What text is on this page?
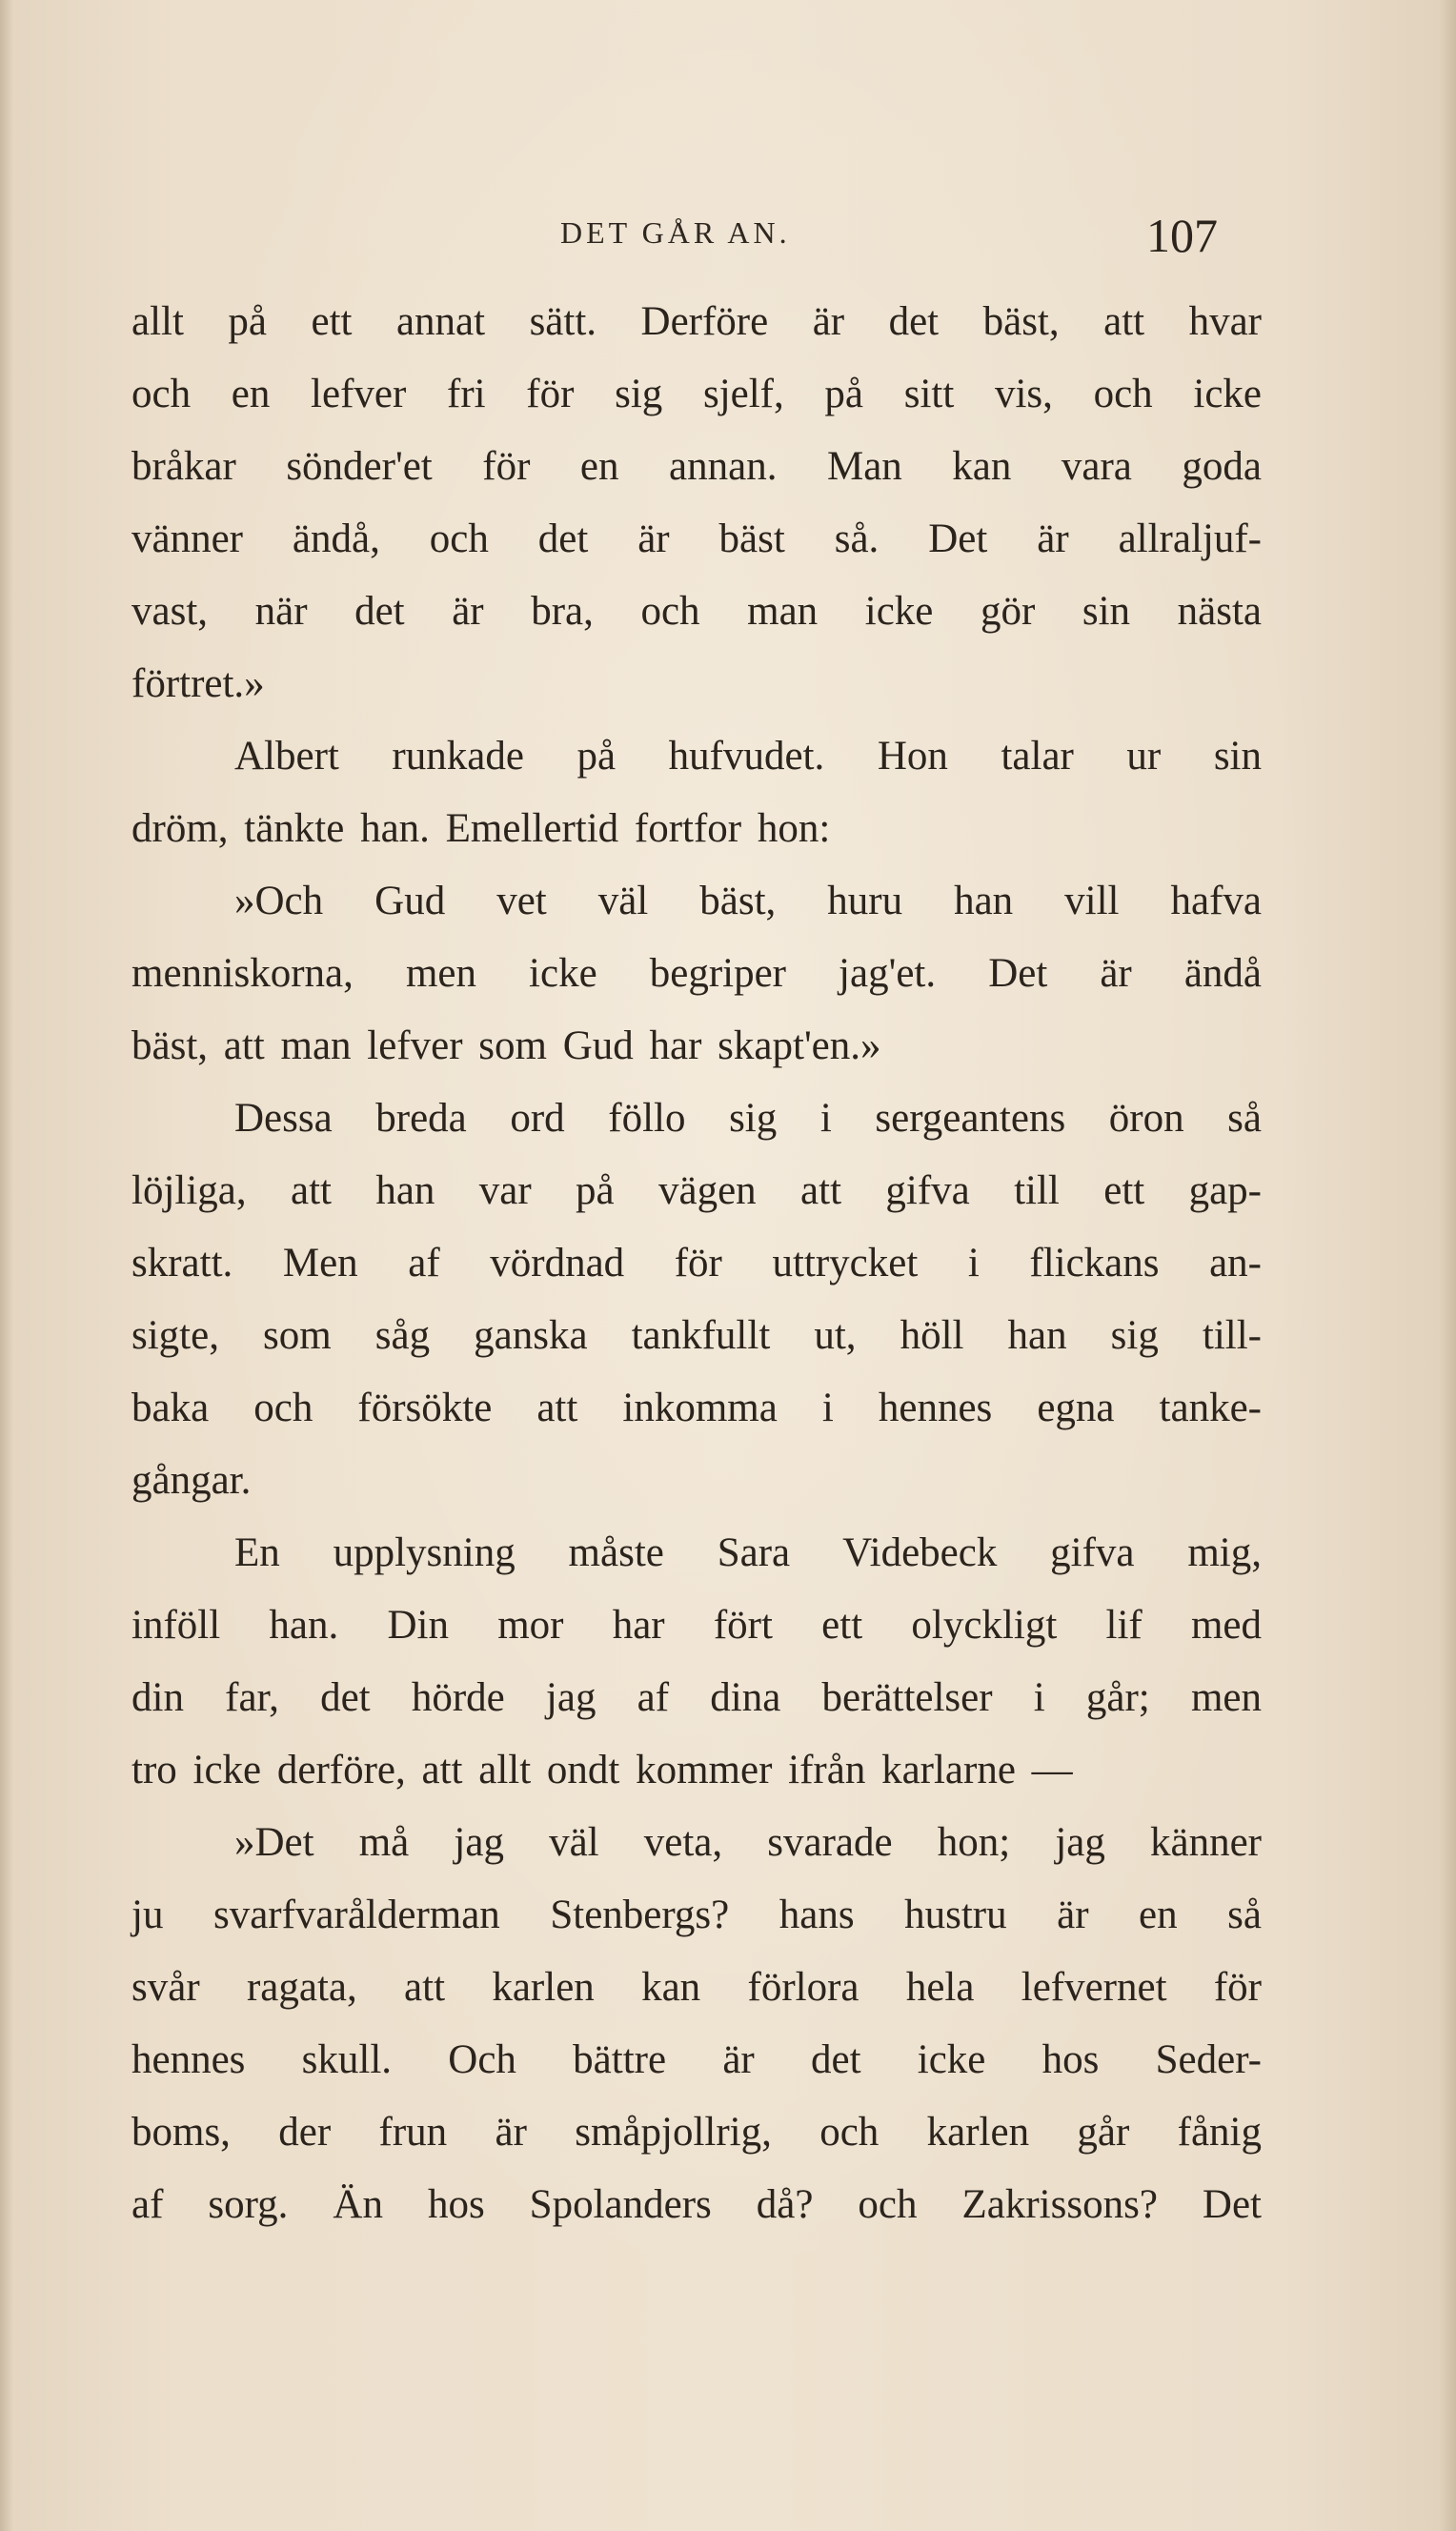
DET GÅR AN.	107
allt på ett annat sätt. Derföre är det bäst, att hvar
och en lefver fri för sig sjelf, på sitt vis, och icke
bråkar sönder'et för en annan. Man kan vara goda
vänner ändå, och det är bäst så. Det är allraljuf-
vast, när det är bra, och man icke gör sin nästa
förtret.»
Albert runkade på hufvudet. Hon talar ur sin
dröm, tänkte han. Emellertid fortfor hon:
»Och Gud vet väl bäst, huru han vill hafva
menniskorna, men icke begriper jag'et. Det är ändå
bäst, att man lefver som Gud har skapt'en.»
Dessa breda ord föllo sig i sergeantens öron så
löjliga, att han var på vägen att gifva till ett gap-
skratt. Men af vördnad för uttrycket i flickans an-
sigte, som såg ganska tankfullt ut, höll han sig till-
baka och försökte att inkomma i hennes egna tanke-
gångar.
En upplysning måste Sara Videbeck gifva mig,
inföll han. Din mor har fört ett olyckligt lif med
din far, det hörde jag af dina berättelser i går; men
tro icke derföre, att allt ondt kommer ifrån karlarne —
»Det må jag väl veta, svarade hon; jag känner
ju svarfvarålderman Stenbergs? hans hustru är en så
svår ragata, att karlen kan förlora hela lefvernet för
hennes skull. Och bättre är det icke hos Seder-
boms, der frun är småpjollrig, och karlen går fånig
af sorg. Än hos Spolanders då? och Zakrissons? Det
